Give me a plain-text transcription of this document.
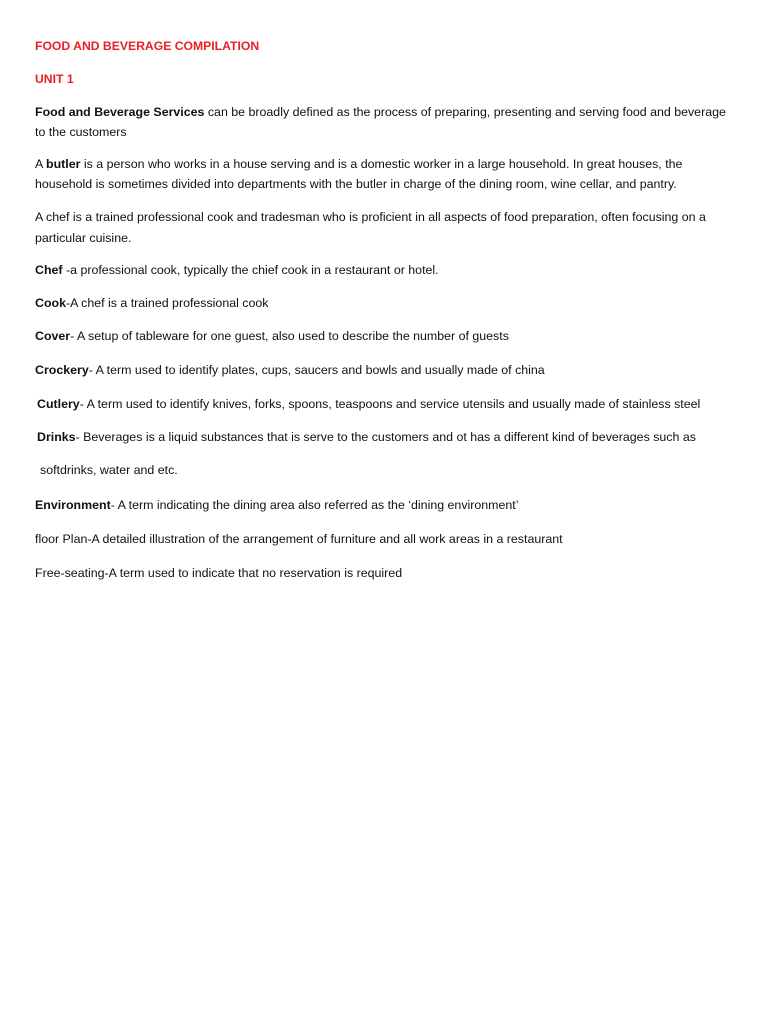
FOOD AND BEVERAGE COMPILATION
UNIT 1
Food and Beverage Services can be broadly defined as the process of preparing, presenting and serving food and beverage
to the customers
A butler is a person who works in a house serving and is a domestic worker in a large household. In great houses, the
household is sometimes divided into departments with the butler in charge of the dining room, wine cellar, and pantry.
A chef is a trained professional cook and tradesman who is proficient in all aspects of food preparation, often focusing on a
particular cuisine.
Chef -a professional cook, typically the chief cook in a restaurant or hotel.
Cook-A chef is a trained professional cook
Cover- A setup of tableware for one guest, also used to describe the number of guests
Crockery- A term used to identify plates, cups, saucers and bowls and usually made of china
Cutlery- A term used to identify knives, forks, spoons, teaspoons and service utensils and usually made of stainless steel
Drinks- Beverages is a liquid substances that is serve to the customers and ot has a different kind of beverages such as
softdrinks, water and etc.
Environment- A term indicating the dining area also referred as the ‘dining environment’
floor Plan-A detailed illustration of the arrangement of furniture and all work areas in a restaurant
Free-seating-A term used to indicate that no reservation is required
